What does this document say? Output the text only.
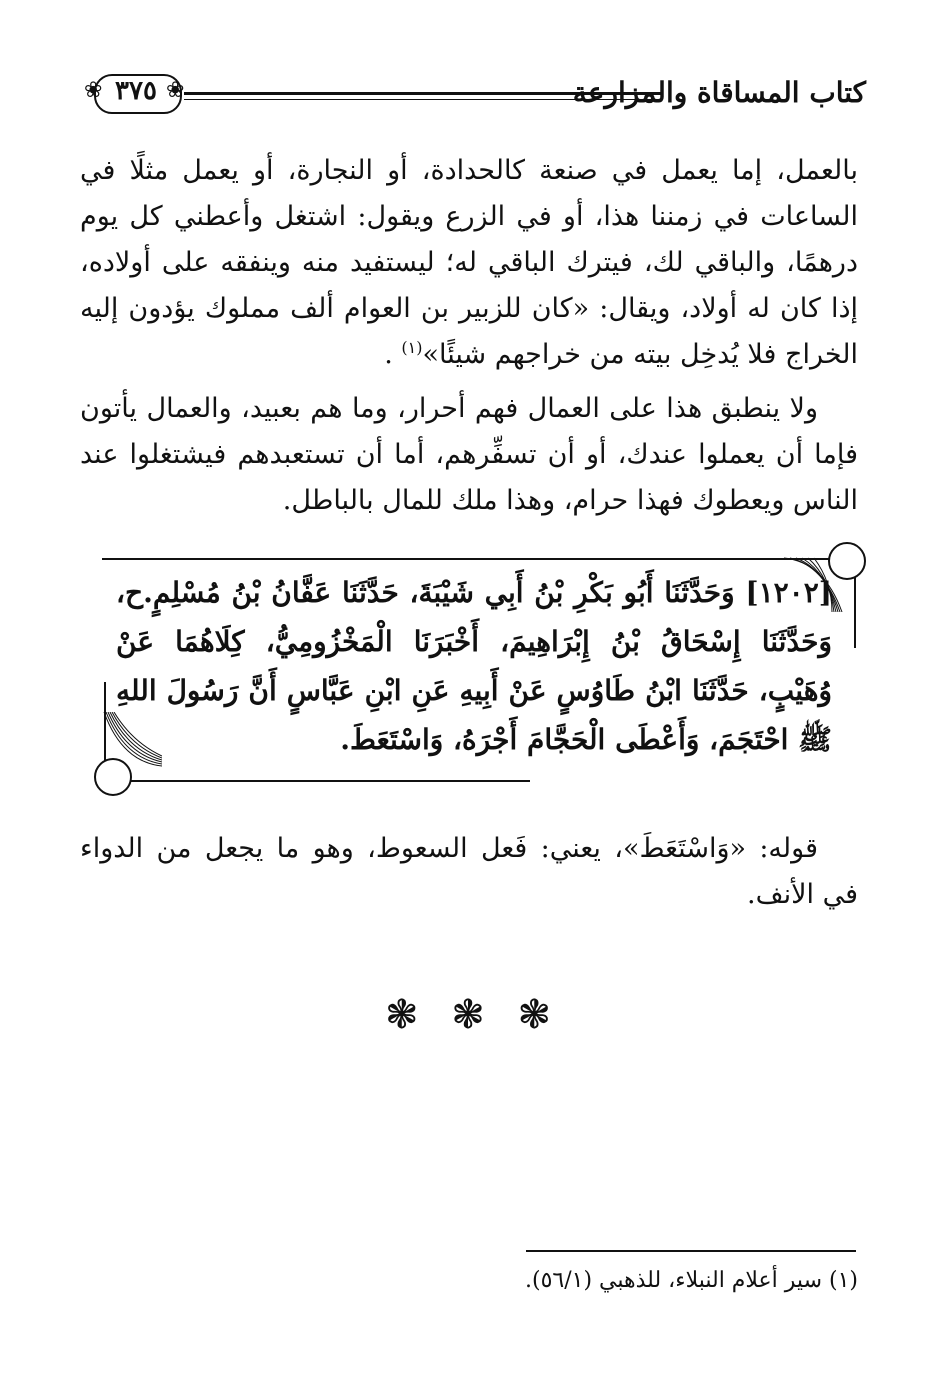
❀	❀
٣٧٥	كتاب المساقاة والمزارعة
بالعمل، إما يعمل في صنعة كالحدادة، أو النجارة، أو يعمل مثلًا في الساعات في زمننا هذا، أو في الزرع ويقول: اشتغل وأعطني كل يوم درهمًا، والباقي لك، فيترك الباقي له؛ ليستفيد منه وينفقه على أولاده، إذا كان له أولاد، ويقال: «كان للزبير بن العوام ألف مملوك يؤدون إليه الخراج فلا يُدخِل بيته من خراجهم شيئًا»$^{(١)}$ .
ولا ينطبق هذا على العمال فهم أحرار، وما هم بعبيد، والعمال يأتون فإما أن يعملوا عندك، أو أن تسفِّرهم، أما أن تستعبدهم فيشتغلوا عند الناس ويعطوك فهذا حرام، وهذا ملك للمال بالباطل.
[١٢٠٢] وَحَدَّثَنَا أَبُو بَكْرِ بْنُ أَبِي شَيْبَةَ، حَدَّثَنَا عَفَّانُ بْنُ مُسْلِمٍ.ح، وَحَدَّثَنَا إِسْحَاقُ بْنُ إِبْرَاهِيمَ، أَخْبَرَنَا الْمَخْزُومِيُّ، كِلَاهُمَا عَنْ وُهَيْبٍ، حَدَّثَنَا ابْنُ طَاوُسٍ عَنْ أَبِيهِ عَنِ ابْنِ عَبَّاسٍ أَنَّ رَسُولَ اللهِ ﷺ احْتَجَمَ، وَأَعْطَى الْحَجَّامَ أَجْرَهُ، وَاسْتَعَطَ.
قوله: «وَاسْتَعَطَ»، يعني: فَعل السعوط، وهو ما يجعل من الدواء في الأنف.
❃ ❃ ❃
(١) سير أعلام النبلاء، للذهبي (٥٦/١).
